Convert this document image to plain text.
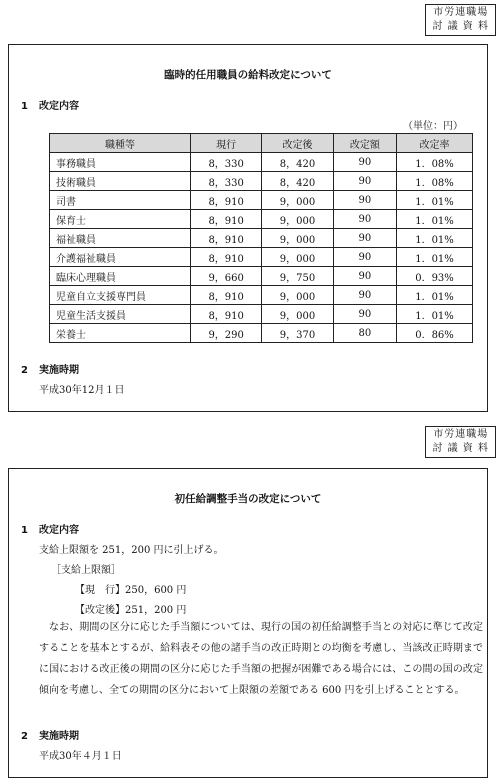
市労連職場
討 議 資 料
臨時的任用職員の給料改定について
1 改定内容
（単位：円）
職種等	現行	改定後	改定額	改定率
事務職員	8，330	8，420	90	1．08%
技術職員	8，330	8，420	90	1．08%
司書	8，910	9，000	90	1．01%
保育士	8，910	9，000	90	1．01%
福祉職員	8，910	9，000	90	1．01%
介護福祉職員	8，910	9，000	90	1．01%
臨床心理職員	9，660	9，750	90	0．93%
児童自立支援専門員	8，910	9，000	90	1．01%
児童生活支援員	8，910	9，000	90	1．01%
栄養士	9，290	9，370	80	0．86%
2 実施時期
平成30年12月１日
市労連職場
討 議 資 料
初任給調整手当の改定について
1 改定内容
支給上限額を 251，200 円に引上げる。
［支給上限額］
【現　行】250，600 円
【改定後】251，200 円
なお、期間の区分に応じた手当額については、現行の国の初任給調整手当との対応に準じて改定することを基本とするが、給料表その他の諸手当の改正時期との均衡を考慮し、当該改正時期までに国における改正後の期間の区分に応じた手当額の把握が困難である場合には、この間の国の改定傾向を考慮し、全ての期間の区分において上限額の差額である 600 円を引上げることとする。
2 実施時期
平成30年４月１日
